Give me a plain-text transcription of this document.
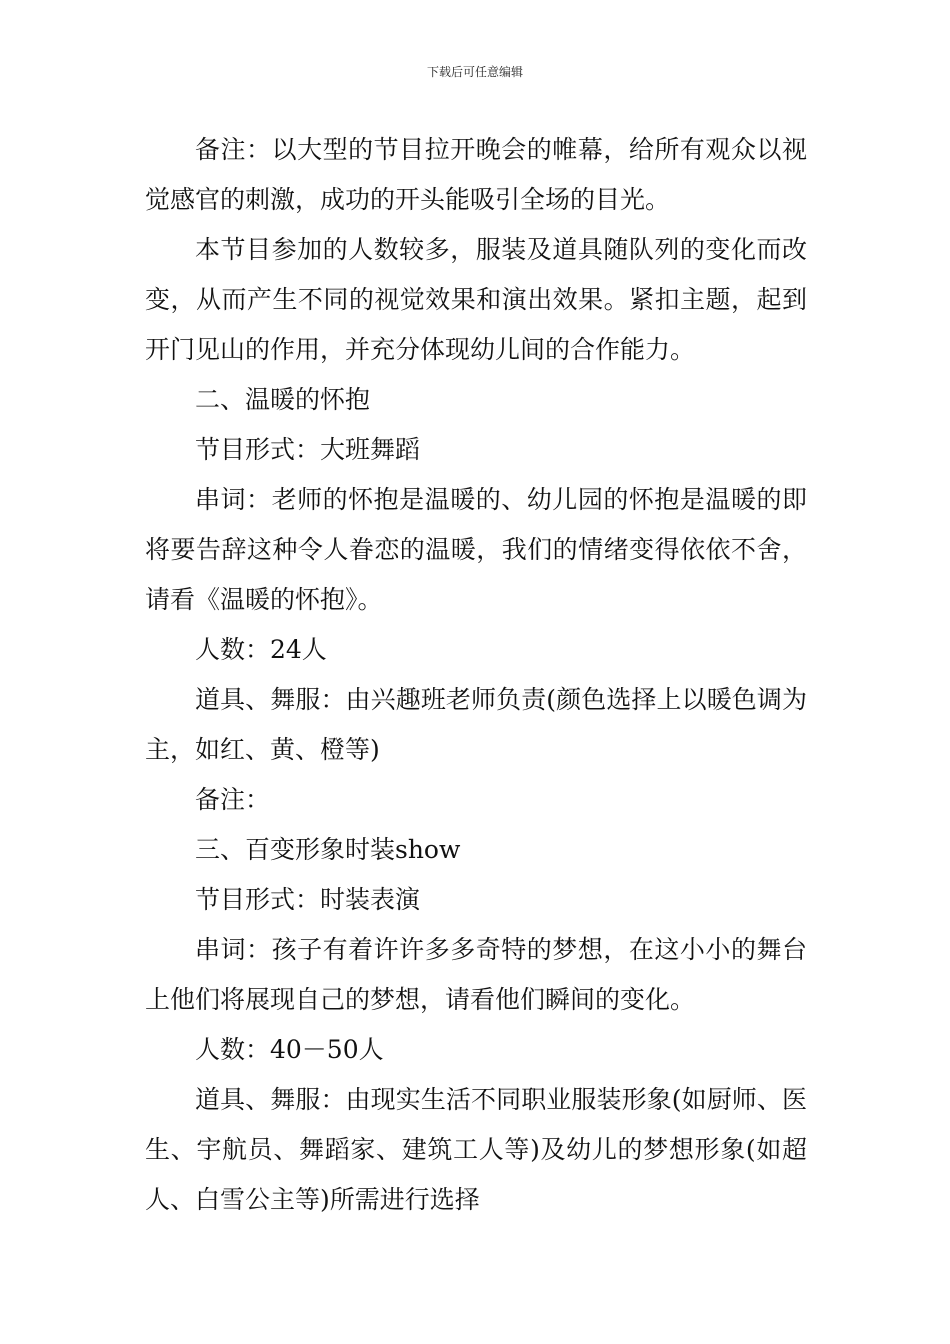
下载后可任意编辑

备注：以大型的节目拉开晚会的帷幕，给所有观众以视觉感官的刺激，成功的开头能吸引全场的目光。

本节目参加的人数较多，服装及道具随队列的变化而改变，从而产生不同的视觉效果和演出效果。紧扣主题，起到开门见山的作用，并充分体现幼儿间的合作能力。

二、温暖的怀抱

节目形式：大班舞蹈

串词：老师的怀抱是温暖的、幼儿园的怀抱是温暖的即将要告辞这种令人眷恋的温暖，我们的情绪变得依依不舍，请看《温暖的怀抱》。

人数：24人

道具、舞服：由兴趣班老师负责(颜色选择上以暖色调为主，如红、黄、橙等)

备注：

三、百变形象时装show

节目形式：时装表演

串词：孩子有着许许多多奇特的梦想，在这小小的舞台上他们将展现自己的梦想，请看他们瞬间的变化。

人数：40－50人

道具、舞服：由现实生活不同职业服装形象(如厨师、医生、宇航员、舞蹈家、建筑工人等)及幼儿的梦想形象(如超人、白雪公主等)所需进行选择
